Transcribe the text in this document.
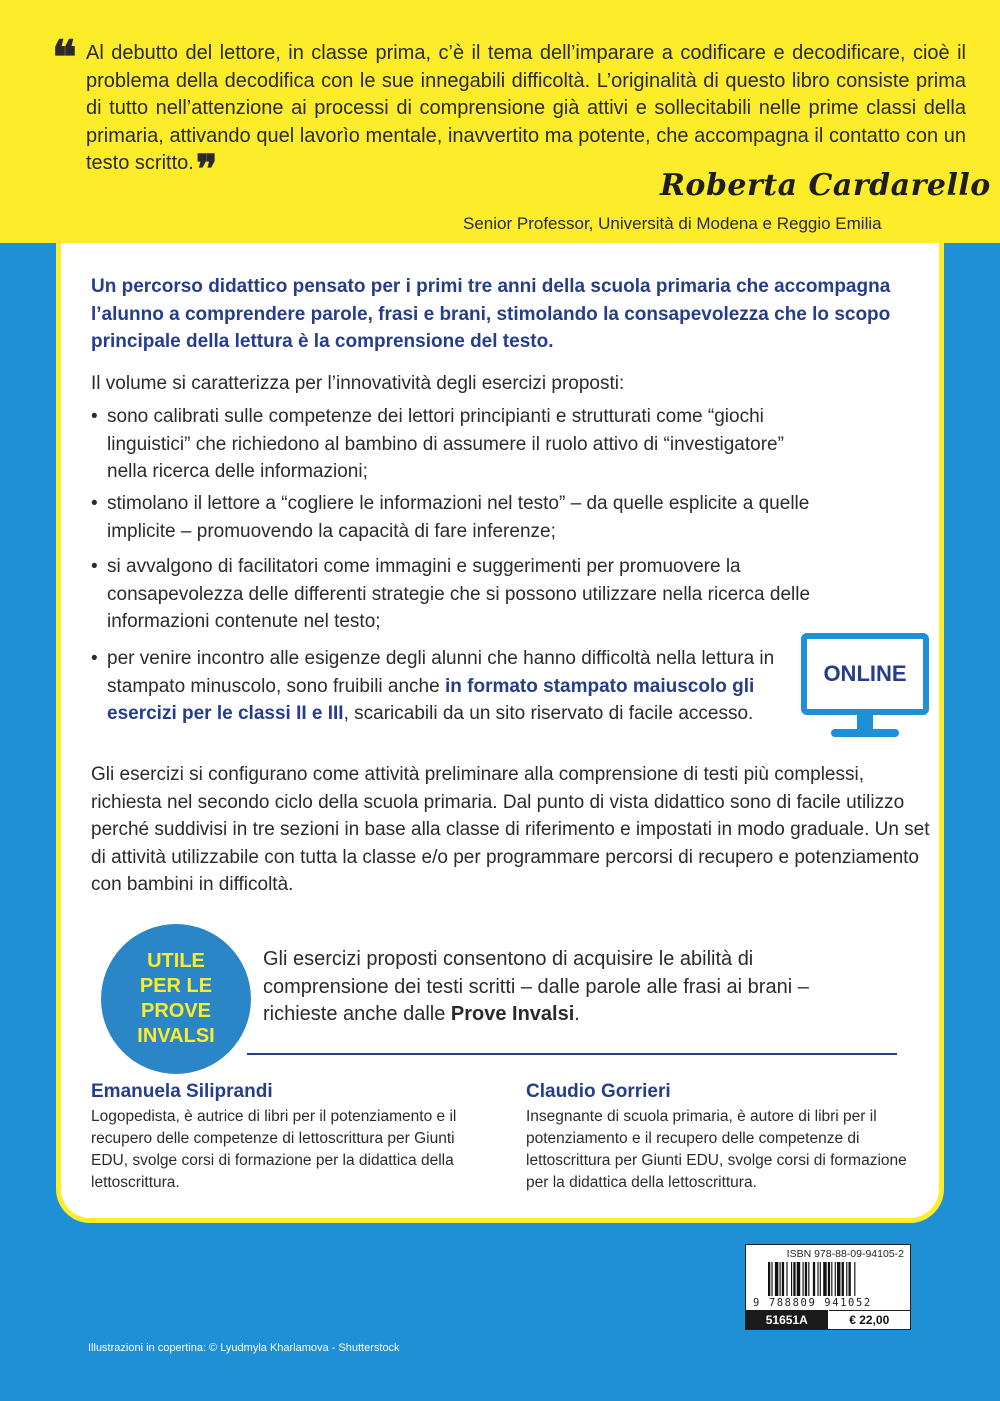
❝ Al debutto del lettore, in classe prima, c’è il tema dell’imparare a codificare e decodificare, cioè il problema della decodifica con le sue innegabili difficoltà. L’originalità di questo libro consiste prima di tutto nell’attenzione ai processi di comprensione già attivi e sollecitabili nelle prime classi della primaria, attivando quel lavorìo mentale, inavvertito ma potente, che accompagna il contatto con un testo scritto.❞	Roberta Cardarello
Senior Professor, Università di Modena e Reggio Emilia
Un percorso didattico pensato per i primi tre anni della scuola primaria che accompagna l’alunno a comprendere parole, frasi e brani, stimolando la consapevolezza che lo scopo principale della lettura è la comprensione del testo.
Il volume si caratterizza per l’innovatività degli esercizi proposti:
• sono calibrati sulle competenze dei lettori principianti e strutturati come “giochi linguistici” che richiedono al bambino di assumere il ruolo attivo di “investigatore” nella ricerca delle informazioni;
• stimolano il lettore a “cogliere le informazioni nel testo” – da quelle esplicite a quelle implicite – promuovendo la capacità di fare inferenze;
• si avvalgono di facilitatori come immagini e suggerimenti per promuovere la consapevolezza delle differenti strategie che si possono utilizzare nella ricerca delle informazioni contenute nel testo;
• per venire incontro alle esigenze degli alunni che hanno difficoltà nella lettura in stampato minuscolo, sono fruibili anche in formato stampato maiuscolo gli esercizi per le classi II e III, scaricabili da un sito riservato di facile accesso.
ONLINE
Gli esercizi si configurano come attività preliminare alla comprensione di testi più complessi, richiesta nel secondo ciclo della scuola primaria. Dal punto di vista didattico sono di facile utilizzo perché suddivisi in tre sezioni in base alla classe di riferimento e impostati in modo graduale. Un set di attività utilizzabile con tutta la classe e/o per programmare percorsi di recupero e potenziamento con bambini in difficoltà.
UTILE
PER LE
PROVE
INVALSI
Gli esercizi proposti consentono di acquisire le abilità di comprensione dei testi scritti – dalle parole alle frasi ai brani – richieste anche dalle Prove Invalsi.
Emanuela Siliprandi
Logopedista, è autrice di libri per il potenziamento e il recupero delle competenze di lettoscrittura per Giunti EDU, svolge corsi di formazione per la didattica della lettoscrittura.
Claudio Gorrieri
Insegnante di scuola primaria, è autore di libri per il potenziamento e il recupero delle competenze di lettoscrittura per Giunti EDU, svolge corsi di formazione per la didattica della lettoscrittura.
ISBN 978-88-09-94105-2
9 788809 941052
51651A	€ 22,00
Illustrazioni in copertina: © Lyudmyla Kharlamova - Shutterstock
